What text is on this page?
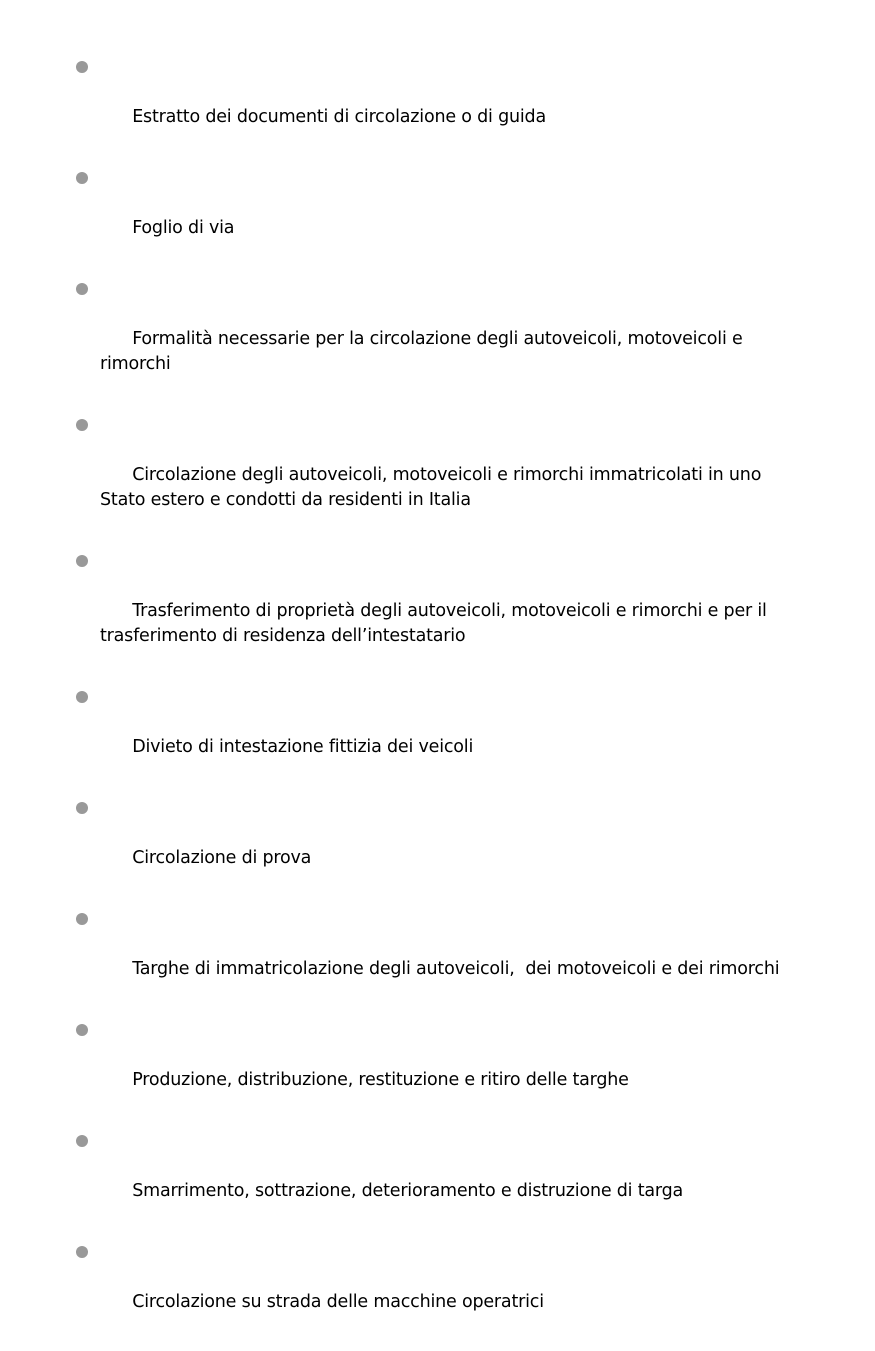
Estratto dei documenti di circolazione o di guida

Foglio di via

Formalità necessarie per la circolazione degli autoveicoli, motoveicoli e rimorchi

Circolazione degli autoveicoli, motoveicoli e rimorchi immatricolati in uno Stato estero e condotti da residenti in Italia

Trasferimento di proprietà degli autoveicoli, motoveicoli e rimorchi e per il trasferimento di residenza dell’intestatario

Divieto di intestazione fittizia dei veicoli

Circolazione di prova

Targhe di immatricolazione degli autoveicoli,  dei motoveicoli e dei rimorchi

Produzione, distribuzione, restituzione e ritiro delle targhe

Smarrimento, sottrazione, deterioramento e distruzione di targa

Circolazione su strada delle macchine operatrici
